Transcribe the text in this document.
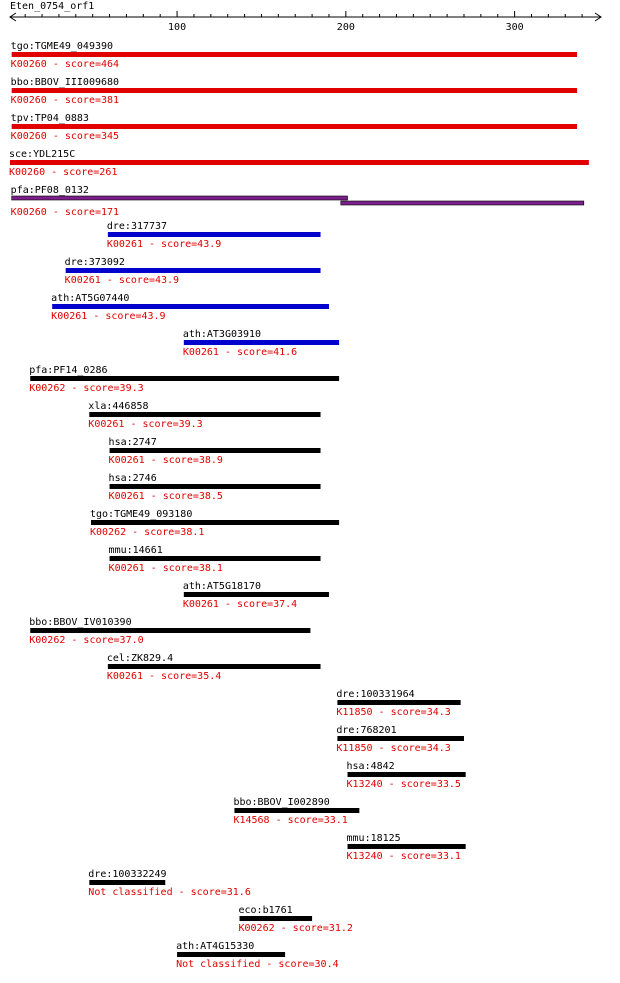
Eten_0754_orf1
100	200	300
tgo:TGME49_049390
K00260 - score=464
bbo:BBOV_III009680
K00260 - score=381
tpv:TP04_0883
K00260 - score=345
sce:YDL215C
K00260 - score=261
pfa:PF08_0132
K00260 - score=171
dre:317737
K00261 - score=43.9
dre:373092
K00261 - score=43.9
ath:AT5G07440
K00261 - score=43.9
ath:AT3G03910
K00261 - score=41.6
pfa:PF14_0286
K00262 - score=39.3
xla:446858
K00261 - score=39.3
hsa:2747
K00261 - score=38.9
hsa:2746
K00261 - score=38.5
tgo:TGME49_093180
K00262 - score=38.1
mmu:14661
K00261 - score=38.1
ath:AT5G18170
K00261 - score=37.4
bbo:BBOV_IV010390
K00262 - score=37.0
cel:ZK829.4
K00261 - score=35.4
dre:100331964
K11850 - score=34.3
dre:768201
K11850 - score=34.3
hsa:4842
K13240 - score=33.5
bbo:BBOV_I002890
K14568 - score=33.1
mmu:18125
K13240 - score=33.1
dre:100332249
Not classified - score=31.6
eco:b1761
K00262 - score=31.2
ath:AT4G15330
Not classified - score=30.4
